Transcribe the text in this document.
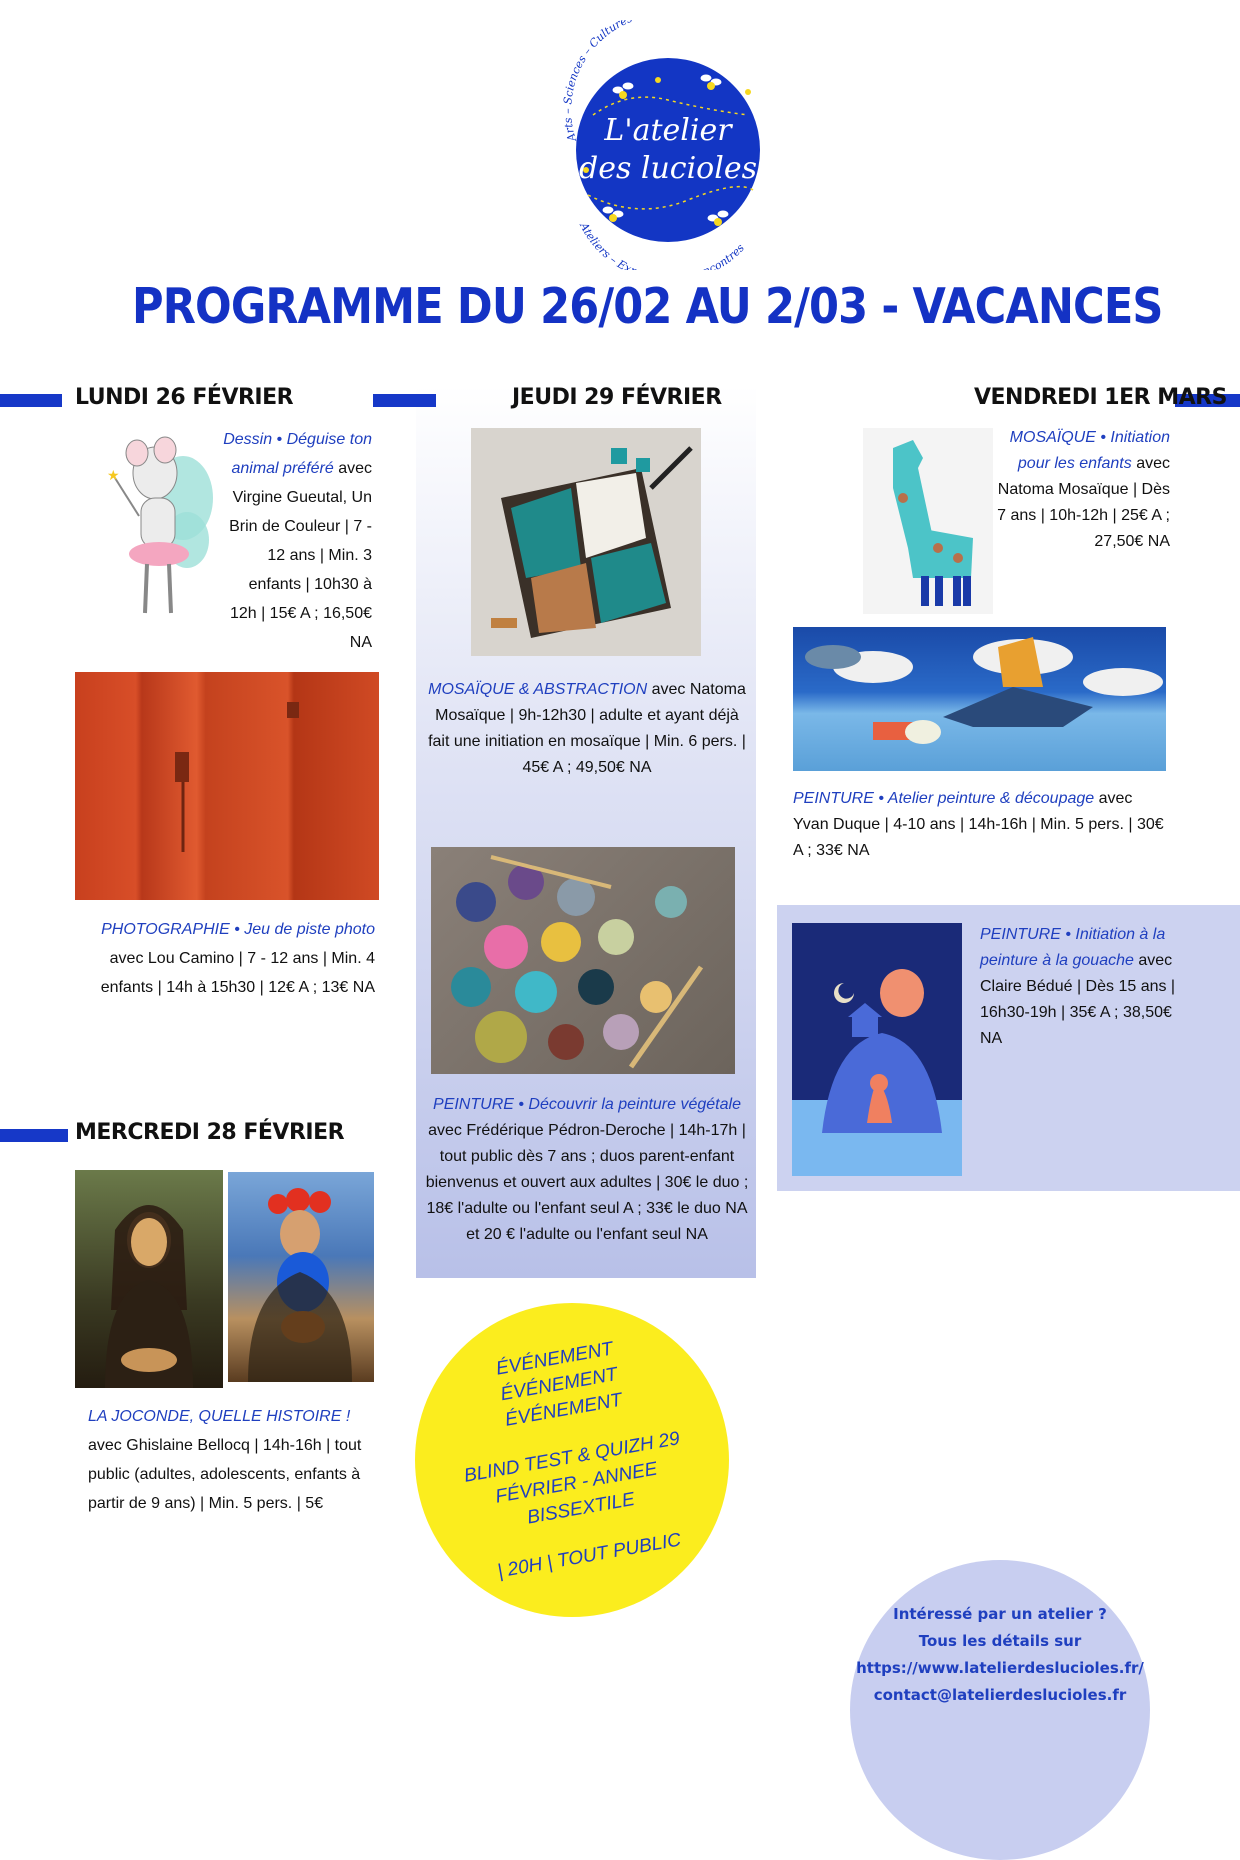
Arts – Sciences – Culture
L'atelier
des lucioles
Ateliers – Ex contres
PROGRAMME DU 26/02 AU 2/03 - VACANCES
LUNDI 26 FÉVRIER	JEUDI 29 FÉVRIER	VENDREDI 1ER MARS
MERCREDI 28 FÉVRIER
★
Dessin • Déguise ton animal préféré avec Virgine Gueutal, Un Brin de Couleur | 7 - 12 ans | Min. 3 enfants | 10h30 à 12h | 15€ A ; 16,50€ NA
PHOTOGRAPHIE • Jeu de piste photo avec Lou Camino | 7 - 12 ans | Min. 4 enfants | 14h à 15h30 | 12€ A ; 13€ NA
LA JOCONDE, QUELLE HISTOIRE ! avec Ghislaine Bellocq | 14h-16h | tout public (adultes, adolescents, enfants à partir de 9 ans) | Min. 5 pers. | 5€
MOSAÏQUE & ABSTRACTION avec Natoma Mosaïque | 9h-12h30 | adulte et ayant déjà fait une initiation en mosaïque | Min. 6 pers. | 45€ A ; 49,50€ NA
PEINTURE • Découvrir la peinture végétale avec Frédérique Pédron-Deroche | 14h-17h | tout public dès 7 ans ; duos parent-enfant bienvenus et ouvert aux adultes | 30€ le duo ; 18€ l'adulte ou l'enfant seul A ; 33€ le duo NA et 20 € l'adulte ou l'enfant seul NA
MOSAÏQUE • Initiation pour les enfants avec Natoma Mosaïque | Dès 7 ans | 10h-12h | 25€ A ; 27,50€ NA
PEINTURE • Atelier peinture & découpage avec Yvan Duque | 4-10 ans | 14h-16h | Min. 5 pers. | 30€ A ; 33€ NA
PEINTURE • Initiation à la peinture à la gouache avec Claire Bédué | Dès 15 ans | 16h30-19h | 35€ A ; 38,50€ NA
ÉVÉNEMENT ÉVÉNEMENT ÉVÉNEMENT
BLIND TEST & QUIZH 29 FÉVRIER - ANNEE BISSEXTILE
| 20H | TOUT PUBLIC
Intéressé par un atelier ?
Tous les détails sur
https://www.latelierdeslucioles.fr/
contact@latelierdeslucioles.fr
